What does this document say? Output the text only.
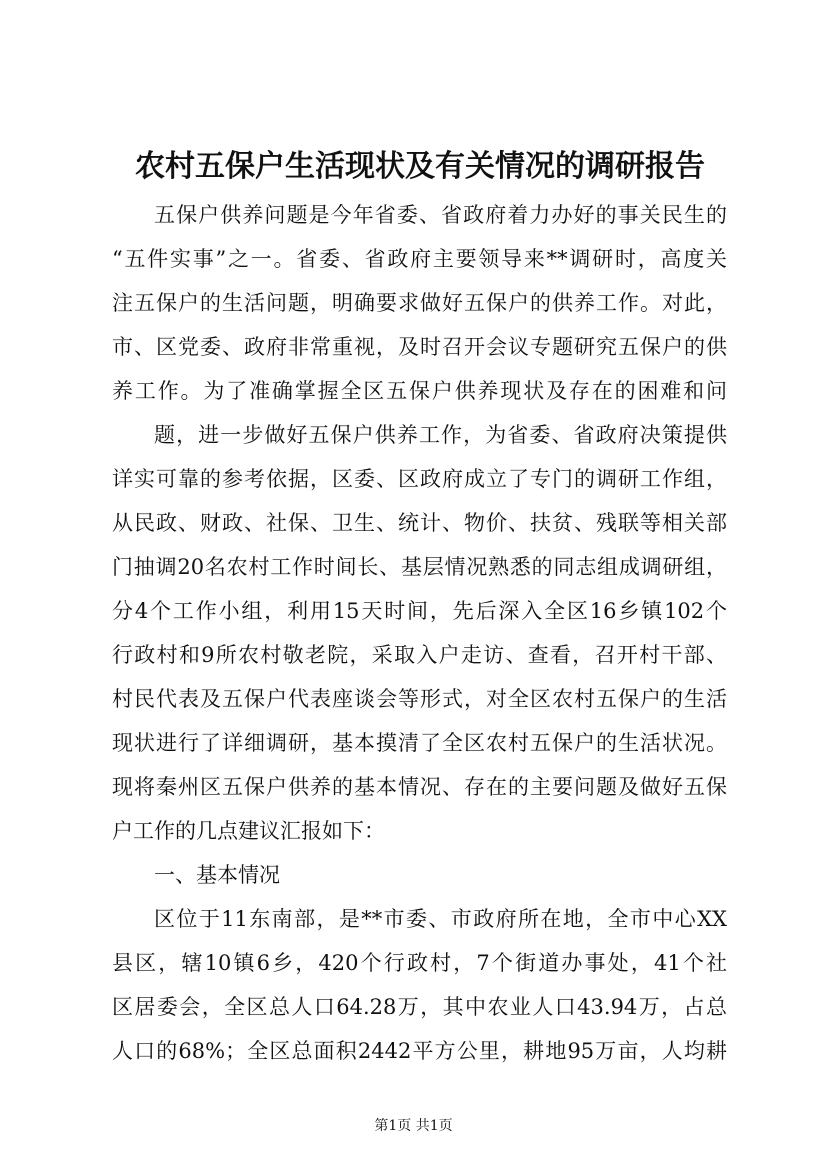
农村五保户生活现状及有关情况的调研报告
五保户供养问题是今年省委、省政府着力办好的事关民生的
“五件实事”之一。省委、省政府主要领导来**调研时，高度关
注五保户的生活问题，明确要求做好五保户的供养工作。对此，
市、区党委、政府非常重视，及时召开会议专题研究五保户的供
养工作。为了准确掌握全区五保户供养现状及存在的困难和问
题，进一步做好五保户供养工作，为省委、省政府决策提供
详实可靠的参考依据，区委、区政府成立了专门的调研工作组，
从民政、财政、社保、卫生、统计、物价、扶贫、残联等相关部
门抽调20名农村工作时间长、基层情况熟悉的同志组成调研组，
分4个工作小组，利用15天时间，先后深入全区16乡镇102个
行政村和9所农村敬老院，采取入户走访、查看，召开村干部、
村民代表及五保户代表座谈会等形式，对全区农村五保户的生活
现状进行了详细调研，基本摸清了全区农村五保户的生活状况。
现将秦州区五保户供养的基本情况、存在的主要问题及做好五保
户工作的几点建议汇报如下：
一、基本情况
区位于11东南部，是**市委、市政府所在地，全市中心XX
县区，辖10镇6乡，420个行政村，7个街道办事处，41个社
区居委会，全区总人口64.28万，其中农业人口43.94万，占总
人口的68%；全区总面积2442平方公里，耕地95万亩，人均耕
第1页 共1页
